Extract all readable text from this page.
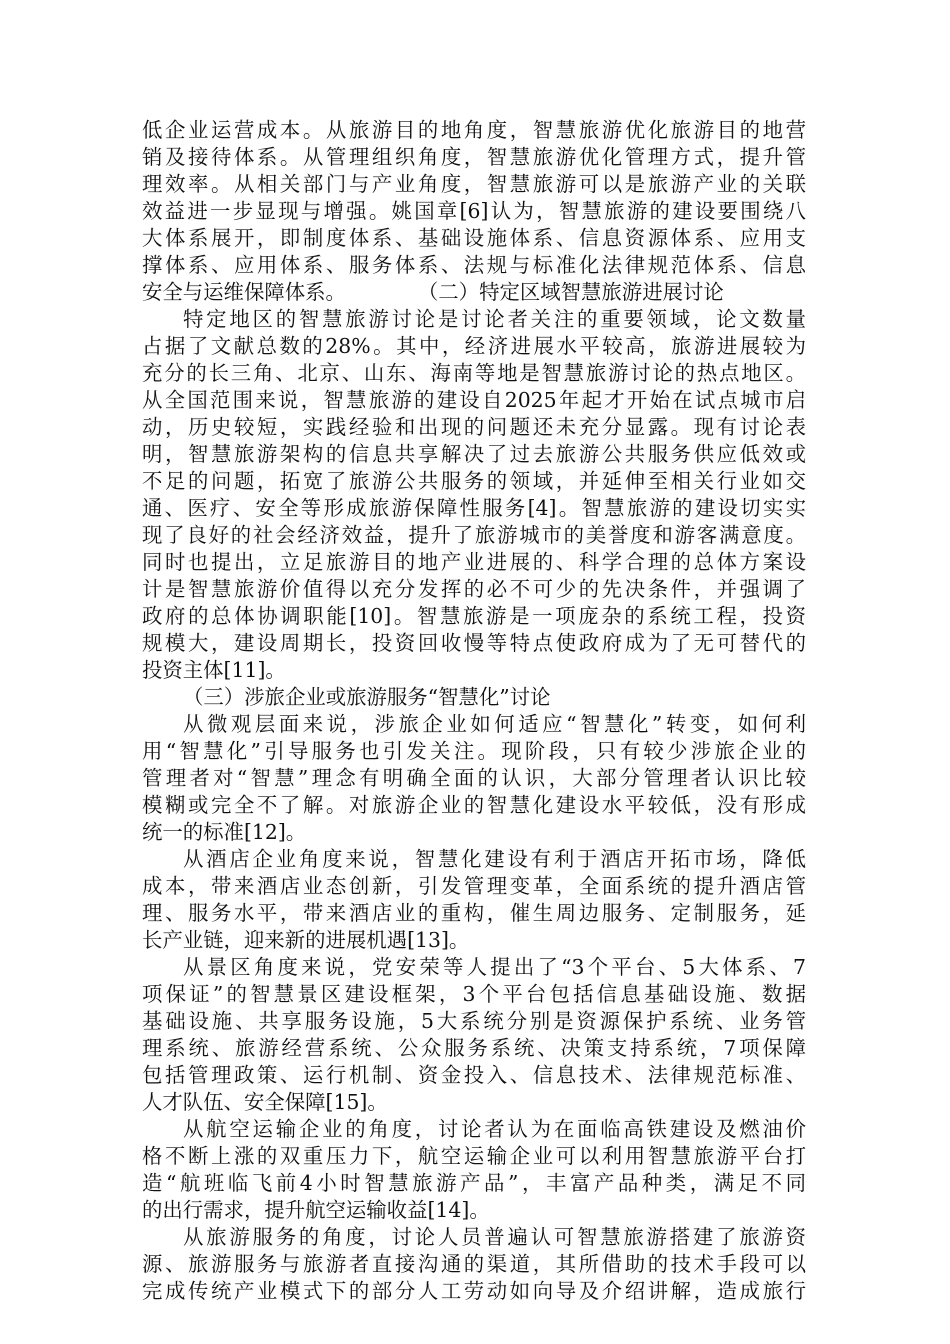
低企业运营成本。从旅游目的地角度，智慧旅游优化旅游目的地营
销及接待体系。从管理组织角度，智慧旅游优化管理方式，提升管
理效率。从相关部门与产业角度，智慧旅游可以是旅游产业的关联
效益进一步显现与增强。姚国章[6]认为，智慧旅游的建设要围绕八
大体系展开，即制度体系、基础设施体系、信息资源体系、应用支
撑体系、应用体系、服务体系、法规与标准化法律规范体系、信息
安全与运维保障体系。	（二）特定区域智慧旅游进展讨论
特定地区的智慧旅游讨论是讨论者关注的重要领域，论文数量
占据了文献总数的28%。其中，经济进展水平较高，旅游进展较为
充分的长三角、北京、山东、海南等地是智慧旅游讨论的热点地区。
从全国范围来说，智慧旅游的建设自2025年起才开始在试点城市启
动，历史较短，实践经验和出现的问题还未充分显露。现有讨论表
明，智慧旅游架构的信息共享解决了过去旅游公共服务供应低效或
不足的问题，拓宽了旅游公共服务的领域，并延伸至相关行业如交
通、医疗、安全等形成旅游保障性服务[4]。智慧旅游的建设切实实
现了良好的社会经济效益，提升了旅游城市的美誉度和游客满意度。
同时也提出，立足旅游目的地产业进展的、科学合理的总体方案设
计是智慧旅游价值得以充分发挥的必不可少的先决条件，并强调了
政府的总体协调职能[10]。智慧旅游是一项庞杂的系统工程，投资
规模大，建设周期长，投资回收慢等特点使政府成为了无可替代的
投资主体[11]。
（三）涉旅企业或旅游服务“智慧化”讨论
从微观层面来说，涉旅企业如何适应“智慧化”转变，如何利
用“智慧化”引导服务也引发关注。现阶段，只有较少涉旅企业的
管理者对“智慧”理念有明确全面的认识，大部分管理者认识比较
模糊或完全不了解。对旅游企业的智慧化建设水平较低，没有形成
统一的标准[12]。
从酒店企业角度来说，智慧化建设有利于酒店开拓市场，降低
成本，带来酒店业态创新，引发管理变革，全面系统的提升酒店管
理、服务水平，带来酒店业的重构，催生周边服务、定制服务，延
长产业链，迎来新的进展机遇[13]。
从景区角度来说，党安荣等人提出了“3个平台、5大体系、7
项保证”的智慧景区建设框架，3个平台包括信息基础设施、数据
基础设施、共享服务设施，5大系统分别是资源保护系统、业务管
理系统、旅游经营系统、公众服务系统、决策支持系统，7项保障
包括管理政策、运行机制、资金投入、信息技术、法律规范标准、
人才队伍、安全保障[15]。
从航空运输企业的角度，讨论者认为在面临高铁建设及燃油价
格不断上涨的双重压力下，航空运输企业可以利用智慧旅游平台打
造“航班临飞前4小时智慧旅游产品”，丰富产品种类，满足不同
的出行需求，提升航空运输收益[14]。
从旅游服务的角度，讨论人员普遍认可智慧旅游搭建了旅游资
源、旅游服务与旅游者直接沟通的渠道，其所借助的技术手段可以
完成传统产业模式下的部分人工劳动如向导及介绍讲解，造成旅行
